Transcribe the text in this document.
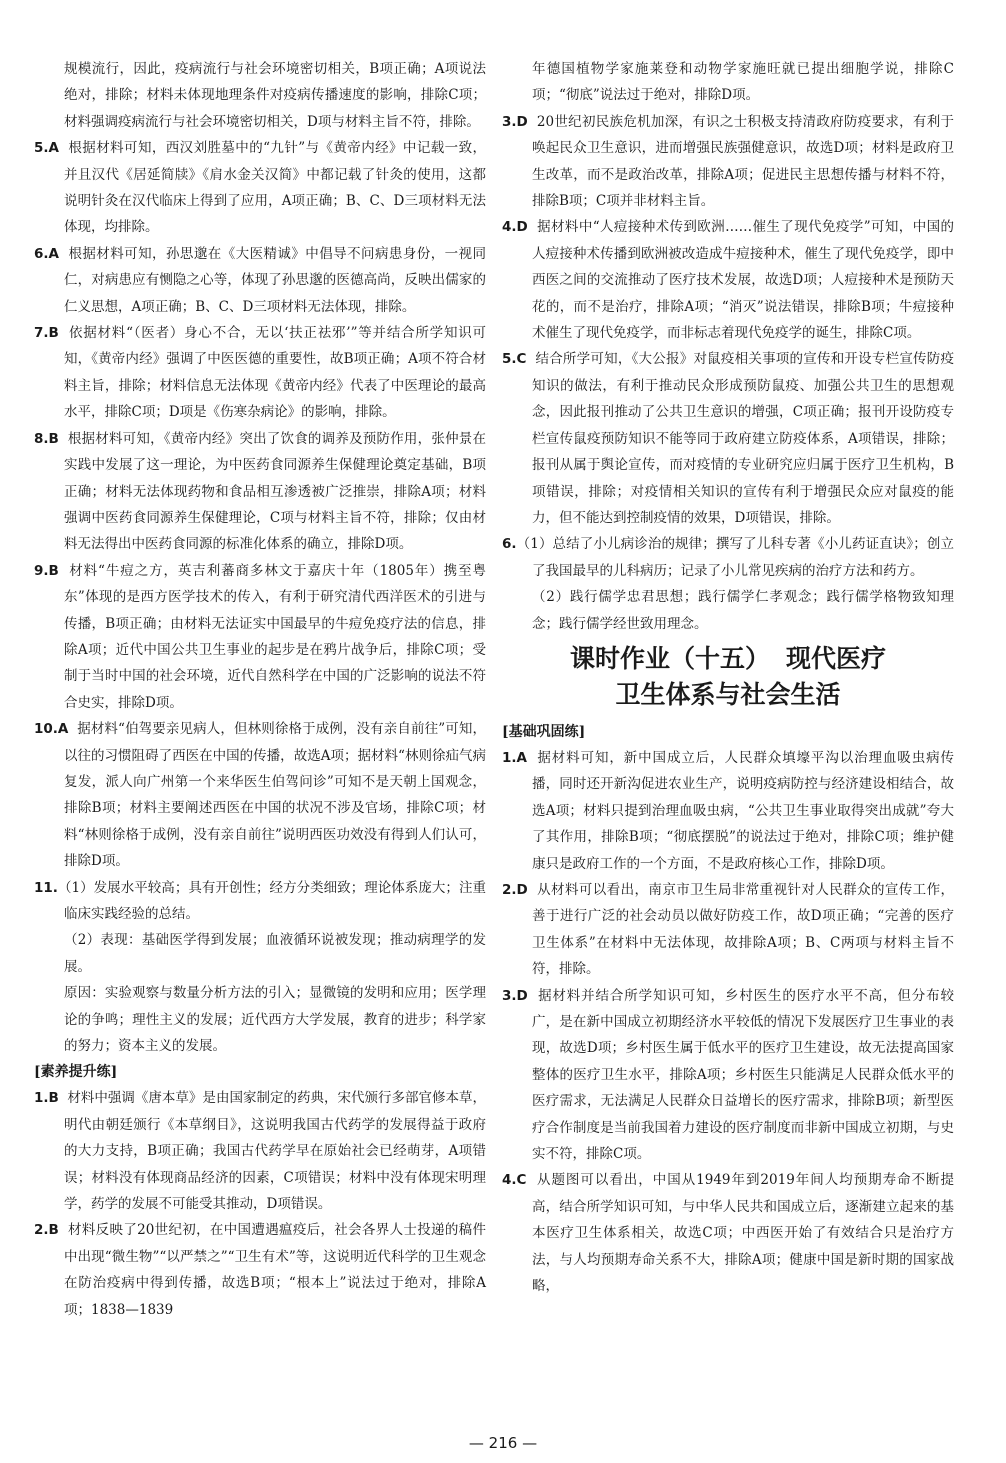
规模流行，因此，疫病流行与社会环境密切相关，B项正确；A项说法绝对，排除；材料未体现地理条件对疫病传播速度的影响，排除C项；材料强调疫病流行与社会环境密切相关，D项与材料主旨不符，排除。

5.A 根据材料可知，西汉刘胜墓中的“九针”与《黄帝内经》中记载一致，并且汉代《居延简牍》《肩水金关汉简》中都记载了针灸的使用，这都说明针灸在汉代临床上得到了应用，A项正确；B、C、D三项材料无法体现，均排除。

6.A 根据材料可知，孙思邈在《大医精诚》中倡导不问病患身份，一视同仁，对病患应有恻隐之心等，体现了孙思邈的医德高尚，反映出儒家的仁义思想，A项正确；B、C、D三项材料无法体现，排除。

7.B 依据材料“（医者）身心不合，无以‘扶正祛邪’”等并结合所学知识可知，《黄帝内经》强调了中医医德的重要性，故B项正确；A项不符合材料主旨，排除；材料信息无法体现《黄帝内经》代表了中医理论的最高水平，排除C项；D项是《伤寒杂病论》的影响，排除。

8.B 根据材料可知，《黄帝内经》突出了饮食的调养及预防作用，张仲景在实践中发展了这一理论，为中医药食同源养生保健理论奠定基础，B项正确；材料无法体现药物和食品相互渗透被广泛推崇，排除A项；材料强调中医药食同源养生保健理论，C项与材料主旨不符，排除；仅由材料无法得出中医药食同源的标准化体系的确立，排除D项。

9.B 材料“牛痘之方，英吉利蕃商多林文于嘉庆十年（1805年）携至粤东”体现的是西方医学技术的传入，有利于研究清代西洋医术的引进与传播，B项正确；由材料无法证实中国最早的牛痘免疫疗法的信息，排除A项；近代中国公共卫生事业的起步是在鸦片战争后，排除C项；受制于当时中国的社会环境，近代自然科学在中国的广泛影响的说法不符合史实，排除D项。

10.A 据材料“伯驾要亲见病人，但林则徐格于成例，没有亲自前往”可知，以往的习惯阻碍了西医在中国的传播，故选A项；据材料“林则徐疝气病复发，派人向广州第一个来华医生伯驾问诊”可知不是天朝上国观念，排除B项；材料主要阐述西医在中国的状况不涉及官场，排除C项；材料“林则徐格于成例，没有亲自前往”说明西医功效没有得到人们认可，排除D项。

11.（1）发展水平较高；具有开创性；经方分类细致；理论体系庞大；注重临床实践经验的总结。

（2）表现：基础医学得到发展；血液循环说被发现；推动病理学的发展。

原因：实验观察与数量分析方法的引入；显微镜的发明和应用；医学理论的争鸣；理性主义的发展；近代西方大学发展，教育的进步；科学家的努力；资本主义的发展。

[素养提升练]

1.B 材料中强调《唐本草》是由国家制定的药典，宋代颁行多部官修本草，明代由朝廷颁行《本草纲目》，这说明我国古代药学的发展得益于政府的大力支持，B项正确；我国古代药学早在原始社会已经萌芽，A项错误；材料没有体现商品经济的因素，C项错误；材料中没有体现宋明理学，药学的发展不可能受其推动，D项错误。

2.B 材料反映了20世纪初，在中国遭遇瘟疫后，社会各界人士投递的稿件中出现“微生物”“以严禁之”“卫生有术”等，这说明近代科学的卫生观念在防治疫病中得到传播，故选B项；“根本上”说法过于绝对，排除A项；1838—1839

年德国植物学家施莱登和动物学家施旺就已提出细胞学说，排除C项；“彻底”说法过于绝对，排除D项。

3.D 20世纪初民族危机加深，有识之士积极支持清政府防疫要求，有利于唤起民众卫生意识，进而增强民族强健意识，故选D项；材料是政府卫生改革，而不是政治改革，排除A项；促进民主思想传播与材料不符，排除B项；C项并非材料主旨。

4.D 据材料中“人痘接种术传到欧洲……催生了现代免疫学”可知，中国的人痘接种术传播到欧洲被改造成牛痘接种术，催生了现代免疫学，即中西医之间的交流推动了医疗技术发展，故选D项；人痘接种术是预防天花的，而不是治疗，排除A项；“消灭”说法错误，排除B项；牛痘接种术催生了现代免疫学，而非标志着现代免疫学的诞生，排除C项。

5.C 结合所学可知，《大公报》对鼠疫相关事项的宣传和开设专栏宣传防疫知识的做法，有利于推动民众形成预防鼠疫、加强公共卫生的思想观念，因此报刊推动了公共卫生意识的增强，C项正确；报刊开设防疫专栏宣传鼠疫预防知识不能等同于政府建立防疫体系，A项错误，排除；报刊从属于舆论宣传，而对疫情的专业研究应归属于医疗卫生机构，B项错误，排除；对疫情相关知识的宣传有利于增强民众应对鼠疫的能力，但不能达到控制疫情的效果，D项错误，排除。

6.（1）总结了小儿病诊治的规律；撰写了儿科专著《小儿药证直诀》；创立了我国最早的儿科病历；记录了小儿常见疾病的治疗方法和药方。

（2）践行儒学忠君思想；践行儒学仁孝观念；践行儒学格物致知理念；践行儒学经世致用理念。

课时作业（十五） 现代医疗
卫生体系与社会生活

[基础巩固练]

1.A 据材料可知，新中国成立后，人民群众填壕平沟以治理血吸虫病传播，同时还开新沟促进农业生产，说明疫病防控与经济建设相结合，故选A项；材料只提到治理血吸虫病，“公共卫生事业取得突出成就”夸大了其作用，排除B项；“彻底摆脱”的说法过于绝对，排除C项；维护健康只是政府工作的一个方面，不是政府核心工作，排除D项。

2.D 从材料可以看出，南京市卫生局非常重视针对人民群众的宣传工作，善于进行广泛的社会动员以做好防疫工作，故D项正确；“完善的医疗卫生体系”在材料中无法体现，故排除A项；B、C两项与材料主旨不符，排除。

3.D 据材料并结合所学知识可知，乡村医生的医疗水平不高，但分布较广，是在新中国成立初期经济水平较低的情况下发展医疗卫生事业的表现，故选D项；乡村医生属于低水平的医疗卫生建设，故无法提高国家整体的医疗卫生水平，排除A项；乡村医生只能满足人民群众低水平的医疗需求，无法满足人民群众日益增长的医疗需求，排除B项；新型医疗合作制度是当前我国着力建设的医疗制度而非新中国成立初期，与史实不符，排除C项。

4.C 从题图可以看出，中国从1949年到2019年间人均预期寿命不断提高，结合所学知识可知，与中华人民共和国成立后，逐渐建立起来的基本医疗卫生体系相关，故选C项；中西医开始了有效结合只是治疗方法，与人均预期寿命关系不大，排除A项；健康中国是新时期的国家战略，

— 216 —
